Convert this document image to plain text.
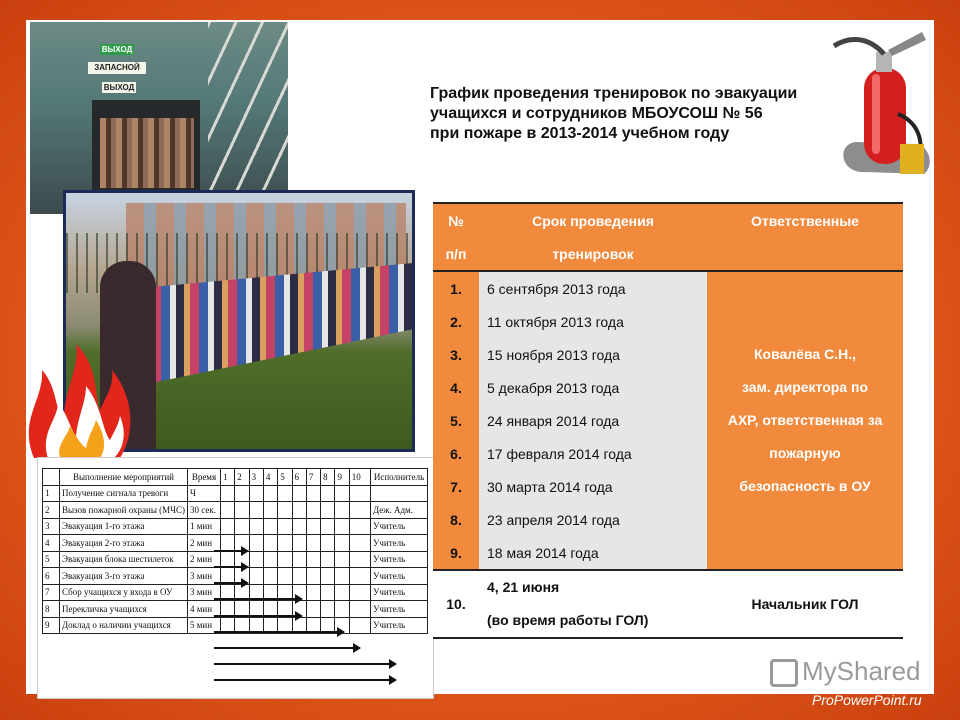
ВЫХОД
ЗАПАСНОЙ
ВЫХОД	График проведения тренировок по эвакуации
учащихся и сотрудников МБОУСОШ № 56
при пожаре в 2013-2014 учебном году
	Выполнение мероприятий	Время	1	2	3	4	5	6	7	8	9	10	Исполнитель
1	Получение сигнала тревоги	Ч											
2	Вызов пожарной охраны (МЧС)	30 сек.											Деж. Адм.
3	Эвакуация 1-го этажа	1 мин											Учитель
4	Эвакуация 2-го этажа	2 мин											Учитель
5	Эвакуация блока шестилеток	2 мин											Учитель
6	Эвакуация 3-го этажа	3 мин											Учитель
7	Сбор учащихся у входа в ОУ	3 мин											Учитель
8	Перекличка учащихся	4 мин											Учитель
9	Доклад о наличии учащихся	5 мин											Учитель
№	Срок проведения	Ответственные
п/п	тренировок	
1.	6 сентября 2013 года	Ковалёва С.Н.,
зам. директора по
АХР, ответственная за
пожарную
безопасность в ОУ

2.	11 октября 2013 года	
3.	15 ноября 2013 года	
4.	5 декабря 2013 года	
5.	24 января 2014 года	
6.	17 февраля 2014 года	
7.	30 марта 2014 года	
8.	23 апреля 2014 года	
9.	18 мая 2014 года	
10.	4, 21 июня
(во время работы ГОЛ)	Начальник ГОЛ
MyShared
ProPowerPoint.ru
